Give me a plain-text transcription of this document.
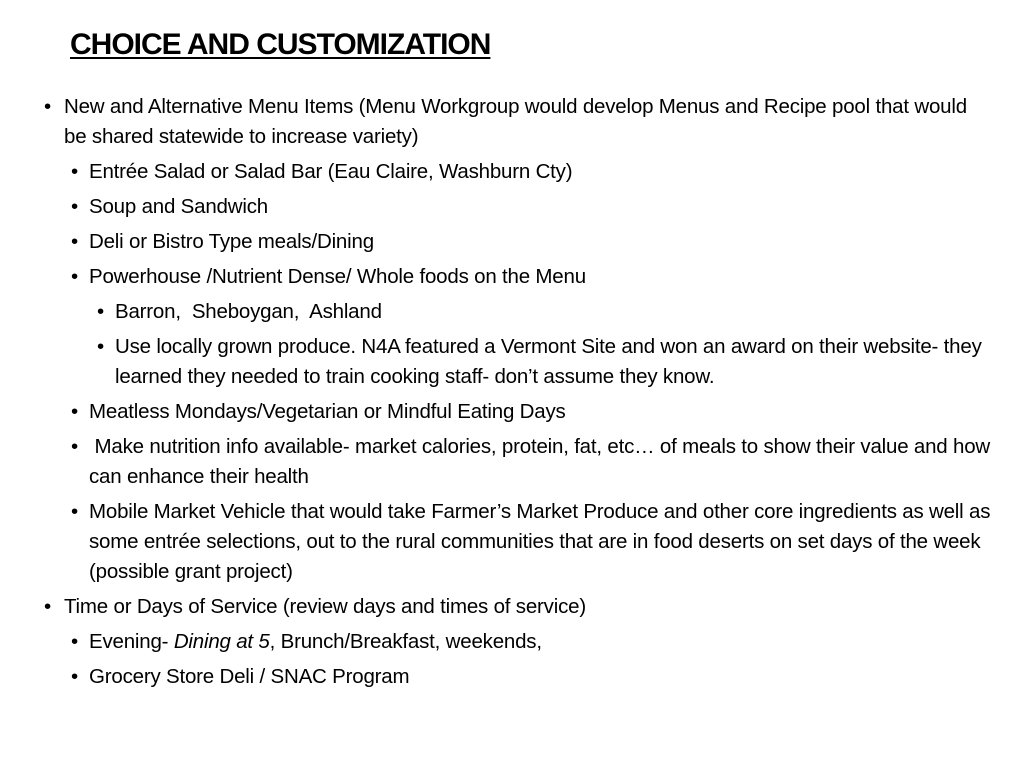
CHOICE AND CUSTOMIZATION
• New and Alternative Menu Items (Menu Workgroup would develop Menus and Recipe pool that would be shared statewide to increase variety)
• Entrée Salad or Salad Bar (Eau Claire, Washburn Cty)
• Soup and Sandwich
• Deli or Bistro Type meals/Dining
• Powerhouse /Nutrient Dense/ Whole foods on the Menu
• Barron,  Sheboygan,  Ashland
• Use locally grown produce. N4A featured a Vermont Site and won an award on their website- they learned they needed to train cooking staff- don’t assume they know.
• Meatless Mondays/Vegetarian or Mindful Eating Days
• Make nutrition info available- market calories, protein, fat, etc… of meals to show their value and how can enhance their health
• Mobile Market Vehicle that would take Farmer’s Market Produce and other core ingredients as well as some entrée selections, out to the rural communities that are in food deserts on set days of the week (possible grant project)
• Time or Days of Service (review days and times of service)
• Evening- Dining at 5, Brunch/Breakfast, weekends,
• Grocery Store Deli / SNAC Program
